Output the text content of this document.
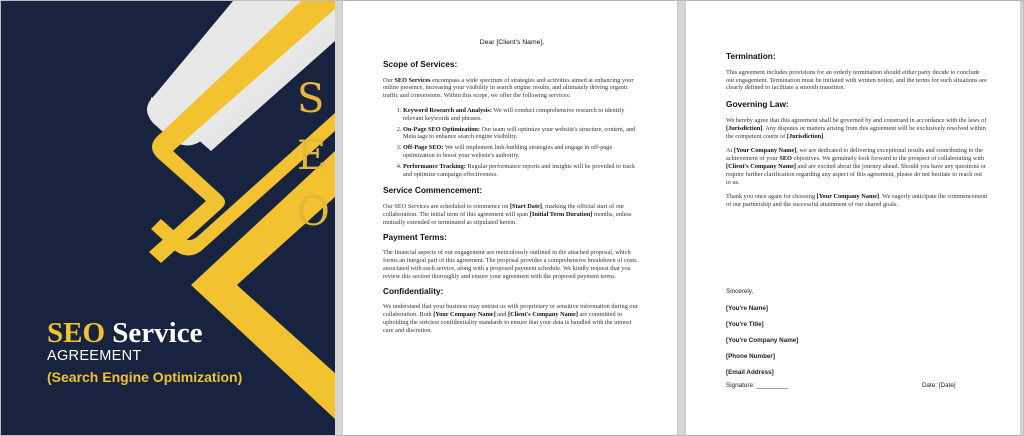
S
E
O
SEO Service
AGREEMENT
(Search Engine Optimization)
Dear [Client's Name],
Scope of Services:
Our SEO Services encompass a wide spectrum of strategies and activities aimed at enhancing your online presence, increasing your visibility in search engine results, and ultimately driving organic traffic and conversions. Within this scope, we offer the following services:
1. Keyword Research and Analysis: We will conduct comprehensive research to identify relevant keywords and phrases.
2. On-Page SEO Optimization: Our team will optimize your website's structure, content, and Meta tags to enhance search engine visibility.
3. Off-Page SEO: We will implement link-building strategies and engage in off-page optimization to boost your website's authority.
4. Performance Tracking: Regular performance reports and insights will be provided to track and optimize campaign effectiveness.
Service Commencement:
Our SEO Services are scheduled to commence on [Start Date], marking the official start of our collaboration. The initial term of this agreement will span [Initial Term Duration] months, unless mutually extended or terminated as stipulated herein.
Payment Terms:
The financial aspects of our engagement are meticulously outlined in the attached proposal, which forms an integral part of this agreement. The proposal provides a comprehensive breakdown of costs associated with each service, along with a proposed payment schedule. We kindly request that you review this section thoroughly and ensure your agreement with the proposed payment terms.
Confidentiality:
We understand that your business may entrust us with proprietary or sensitive information during our collaboration. Both [Your Company Name] and [Client's Company Name] are committed to upholding the strictest confidentiality standards to ensure that your data is handled with the utmost care and discretion.
Termination:
This agreement includes provisions for an orderly termination should either party decide to conclude our engagement. Termination must be initiated with written notice, and the terms for such situations are clearly defined to facilitate a smooth transition.
Governing Law:
We hereby agree that this agreement shall be governed by and construed in accordance with the laws of [Jurisdiction]. Any disputes or matters arising from this agreement will be exclusively resolved within the competent courts of [Jurisdiction].
At [Your Company Name], we are dedicated to delivering exceptional results and contributing to the achievement of your SEO objectives. We genuinely look forward to the prospect of collaborating with [Client's Company Name] and are excited about the journey ahead. Should you have any questions or require further clarification regarding any aspect of this agreement, please do not hesitate to reach out to us.
Thank you once again for choosing [Your Company Name]. We eagerly anticipate the commencement of our partnership and the successful attainment of our shared goals.
Sincerely,
[You're Name]
[You're Title]
[You're Company Name]
[Phone Number]
[Email Address]
Signature: _________	Date: [Date]
